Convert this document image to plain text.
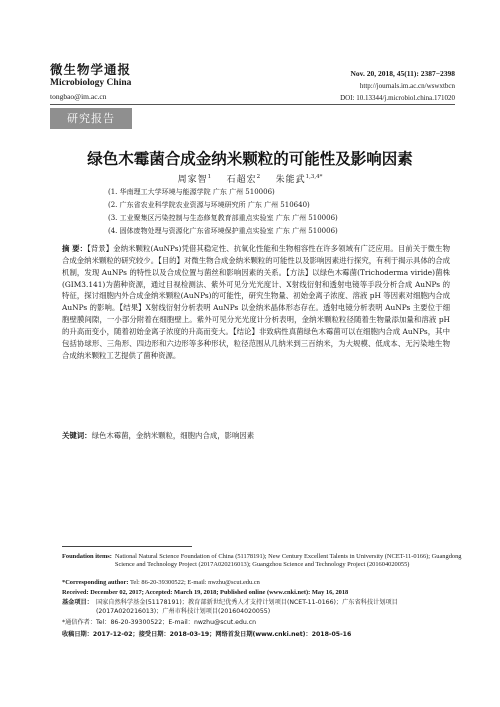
微生物学通报
Microbiology China
tongbao@im.ac.cn
Nov. 20, 2018, 45(11): 2387−2398
http://journals.im.ac.cn/wswxtbcn
DOI: 10.13344/j.microbiol.china.171020
研究报告
绿色木霉菌合成金纳米颗粒的可能性及影响因素
周家智$^1$ 石超宏$^2$ 朱能武$^{1,3,4*}$
(1. 华南理工大学环境与能源学院 广东 广州 510006)
(2. 广东省农业科学院农业资源与环境研究所 广东 广州 510640)
(3. 工业聚集区污染控制与生态修复教育部重点实验室 广东 广州 510006)
(4. 固体废物处理与资源化广东省环境保护重点实验室 广东 广州 510006)
摘 要：【背景】金纳米颗粒(AuNPs)凭借其稳定性、抗氧化性能和生物相容性在许多领域有广泛应用。目前关于微生物合成金纳米颗粒的研究较少。【目的】对微生物合成金纳米颗粒的可能性以及影响因素进行探究，有利于揭示具体的合成机制，发现 AuNPs 的特性以及合成位置与菌丝和影响因素的关系。【方法】以绿色木霉菌(Trichoderma viride)菌株(GIM3.141)为菌种资源，通过目视检测法、紫外可见分光光度计、X射线衍射和透射电镜等手段分析合成 AuNPs 的特征，探讨细胞内外合成金纳米颗粒(AuNPs)的可能性，研究生物量、初始金离子浓度、溶液 pH 等因素对细胞内合成 AuNPs 的影响。【结果】X射线衍射分析表明 AuNPs 以金纳米晶体形态存在。透射电镜分析表明 AuNPs 主要位于细胞壁膜间隙，一小部分附着在细胞壁上。紫外可见分光光度计分析表明，金纳米颗粒粒径随着生物量添加量和溶液 pH 的升高而变小，随着初始金离子浓度的升高而变大。【结论】非致病性真菌绿色木霉菌可以在细胞内合成 AuNPs，其中包括协球形、三角形、四边形和六边形等多种形状，粒径范围从几纳米到三百纳米，为大规模、低成本、无污染地生物合成纳米颗粒工艺提供了菌种资源。
关键词：绿色木霉菌，金纳米颗粒，细胞内合成，影响因素
Foundation items: National Natural Science Foundation of China (51178191); New Century Excellent Talents in University (NCET-11-0166); Guangdong Science and Technology Project (2017A020216013); Guangzhou Science and Technology Project (201604020055)
*Corresponding author: Tel: 86-20-39300522; E-mail: nwzhu@scut.edu.cn
Received: December 02, 2017; Accepted: March 19, 2018; Published online (www.cnki.net): May 16, 2018
基金项目： 国家自然科学基金(51178191)；教育部新世纪优秀人才支持计划项目(NCET-11-0166)；广东省科技计划项目(2017A020216013)；广州市科技计划项目(201604020055)
*通信作者：Tel：86-20-39300522；E-mail：nwzhu@scut.edu.cn
收稿日期：2017-12-02；接受日期：2018-03-19；网络首发日期(www.cnki.net)：2018-05-16
